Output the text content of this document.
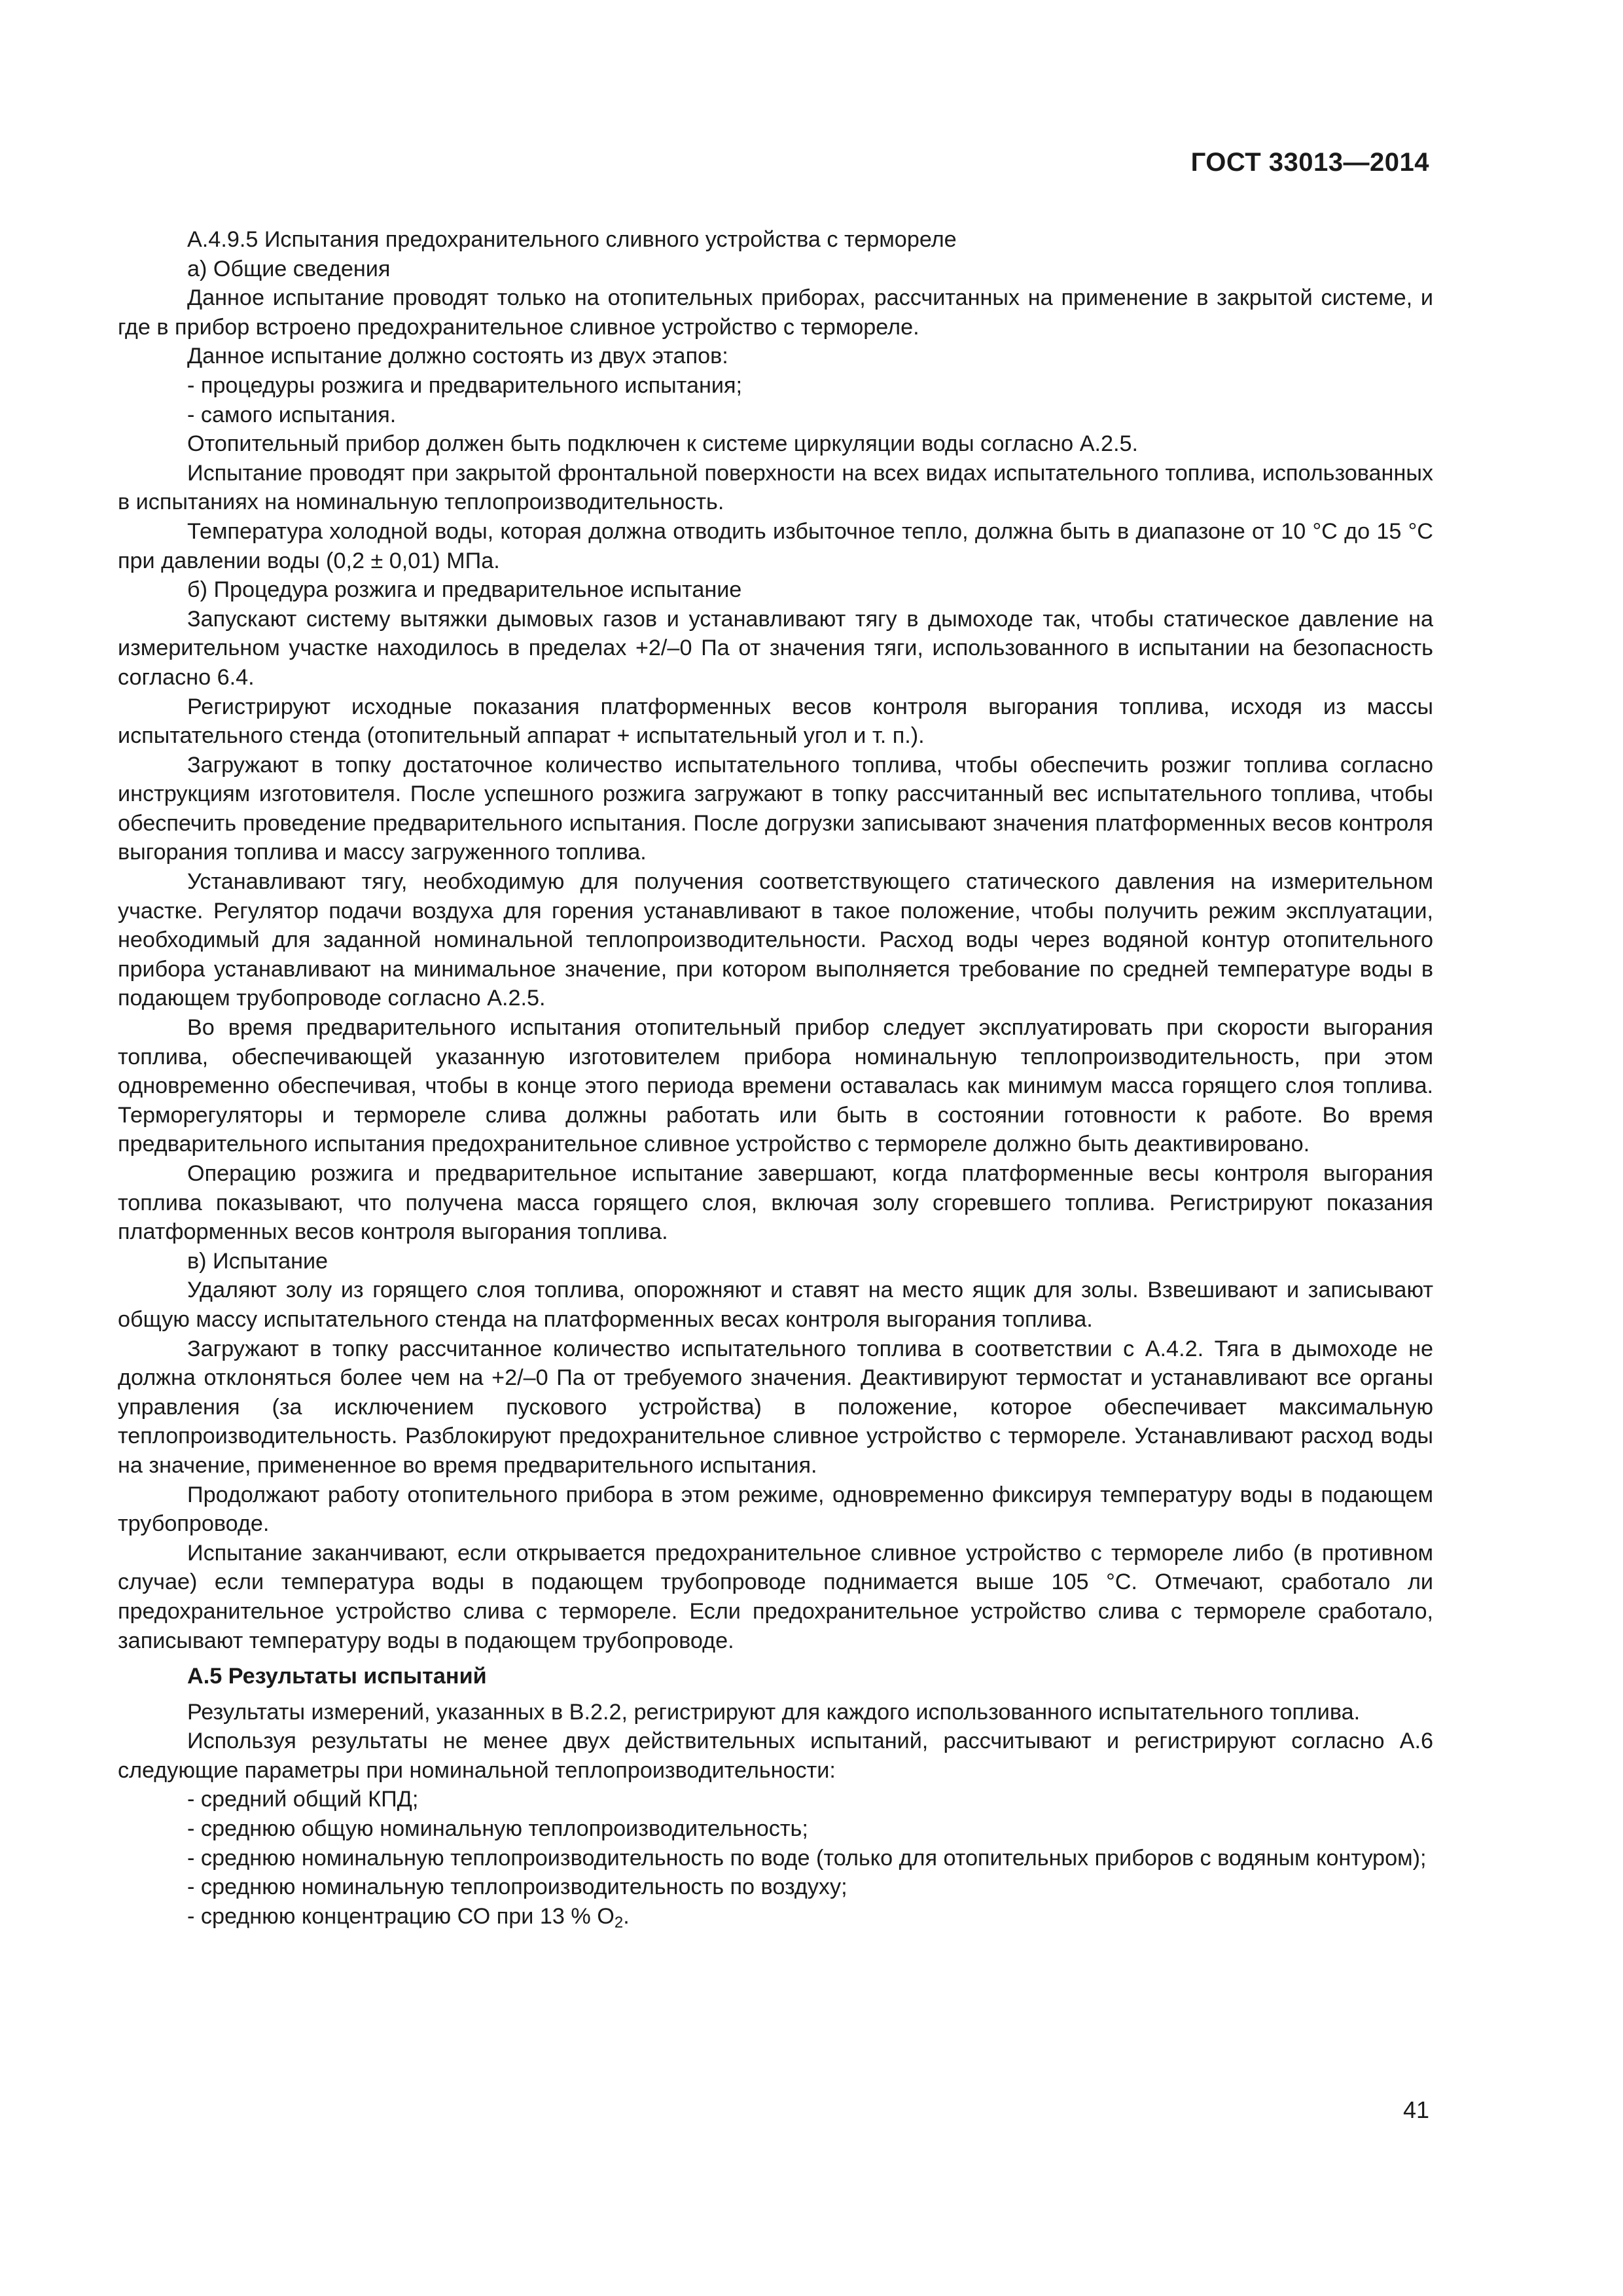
ГОСТ 33013—2014

А.4.9.5 Испытания предохранительного сливного устройства с термореле

а) Общие сведения

Данное испытание проводят только на отопительных приборах, рассчитанных на применение в закрытой системе, и где в прибор встроено предохранительное сливное устройство с термореле.

Данное испытание должно состоять из двух этапов:

- процедуры розжига и предварительного испытания;

- самого испытания.

Отопительный прибор должен быть подключен к системе циркуляции воды согласно А.2.5.

Испытание проводят при закрытой фронтальной поверхности на всех видах испытательного топлива, использованных в испытаниях на номинальную теплопроизводительность.

Температура холодной воды, которая должна отводить избыточное тепло, должна быть в диапазоне от 10 °С до 15 °С при давлении воды (0,2 ± 0,01) МПа.

б) Процедура розжига и предварительное испытание

Запускают систему вытяжки дымовых газов и устанавливают тягу в дымоходе так, чтобы статическое давление на измерительном участке находилось в пределах +2/–0 Па от значения тяги, использованного в испытании на безопасность согласно 6.4.

Регистрируют исходные показания платформенных весов контроля выгорания топлива, исходя из массы испытательного стенда (отопительный аппарат + испытательный угол и т. п.).

Загружают в топку достаточное количество испытательного топлива, чтобы обеспечить розжиг топлива согласно инструкциям изготовителя. После успешного розжига загружают в топку рассчитанный вес испытательного топлива, чтобы обеспечить проведение предварительного испытания. После догрузки записывают значения платформенных весов контроля выгорания топлива и массу загруженного топлива.

Устанавливают тягу, необходимую для получения соответствующего статического давления на измерительном участке. Регулятор подачи воздуха для горения устанавливают в такое положение, чтобы получить режим эксплуатации, необходимый для заданной номинальной теплопроизводительности. Расход воды через водяной контур отопительного прибора устанавливают на минимальное значение, при котором выполняется требование по средней температуре воды в подающем трубопроводе согласно А.2.5.

Во время предварительного испытания отопительный прибор следует эксплуатировать при скорости выгорания топлива, обеспечивающей указанную изготовителем прибора номинальную теплопроизводительность, при этом одновременно обеспечивая, чтобы в конце этого периода времени оставалась как минимум масса горящего слоя топлива. Терморегуляторы и термореле слива должны работать или быть в состоянии готовности к работе. Во время предварительного испытания предохранительное сливное устройство с термореле должно быть деактивировано.

Операцию розжига и предварительное испытание завершают, когда платформенные весы контроля выгорания топлива показывают, что получена масса горящего слоя, включая золу сгоревшего топлива. Регистрируют показания платформенных весов контроля выгорания топлива.

в) Испытание

Удаляют золу из горящего слоя топлива, опорожняют и ставят на место ящик для золы. Взвешивают и записывают общую массу испытательного стенда на платформенных весах контроля выгорания топлива.

Загружают в топку рассчитанное количество испытательного топлива в соответствии с А.4.2. Тяга в дымоходе не должна отклоняться более чем на +2/–0 Па от требуемого значения. Деактивируют термостат и устанавливают все органы управления (за исключением пускового устройства) в положение, которое обеспечивает максимальную теплопроизводительность. Разблокируют предохранительное сливное устройство с термореле. Устанавливают расход воды на значение, примененное во время предварительного испытания.

Продолжают работу отопительного прибора в этом режиме, одновременно фиксируя температуру воды в подающем трубопроводе.

Испытание заканчивают, если открывается предохранительное сливное устройство с термореле либо (в противном случае) если температура воды в подающем трубопроводе поднимается выше 105 °С. Отмечают, сработало ли предохранительное устройство слива с термореле. Если предохранительное устройство слива с термореле сработало, записывают температуру воды в подающем трубопроводе.

А.5 Результаты испытаний

Результаты измерений, указанных в В.2.2, регистрируют для каждого использованного испытательного топлива.

Используя результаты не менее двух действительных испытаний, рассчитывают и регистрируют согласно А.6 следующие параметры при номинальной теплопроизводительности:

- средний общий КПД;

- среднюю общую номинальную теплопроизводительность;

- среднюю номинальную теплопроизводительность по воде (только для отопительных приборов с водяным контуром);

- среднюю номинальную теплопроизводительность по воздуху;

- среднюю концентрацию СО при 13 % $О_2$.

41
